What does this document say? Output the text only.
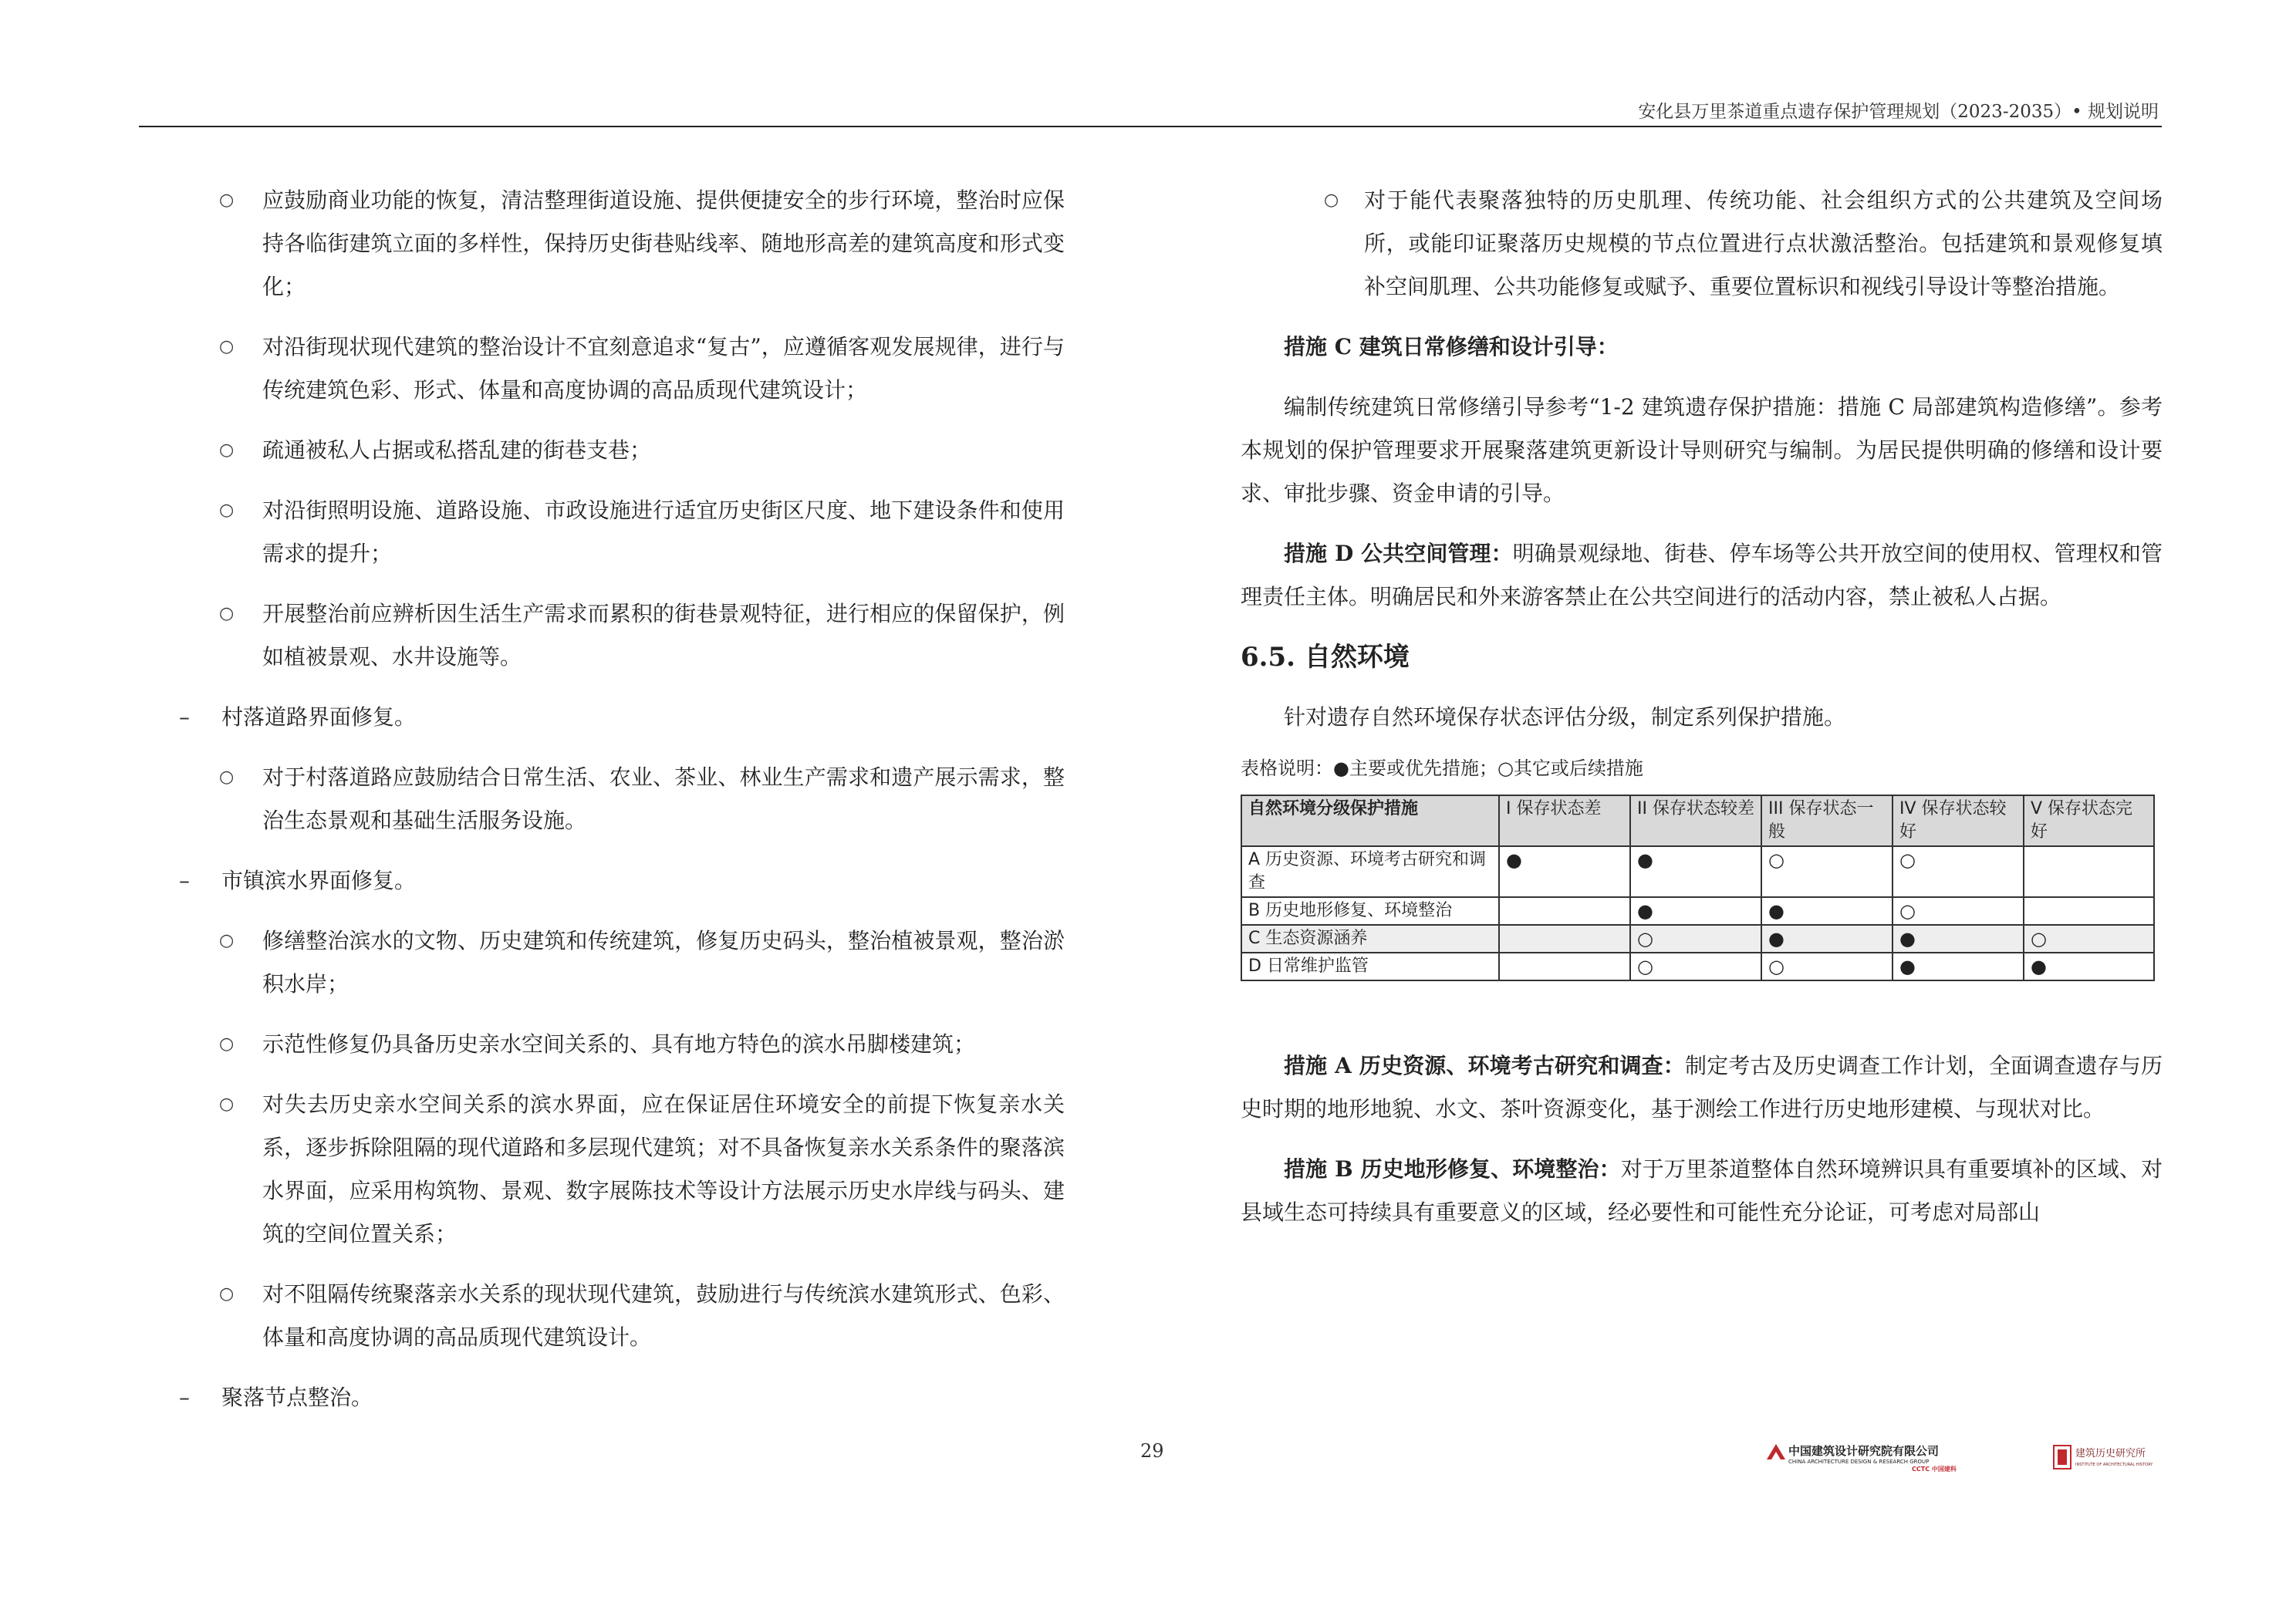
安化县万里茶道重点遗存保护管理规划（2023-2035）• 规划说明
○ 应鼓励商业功能的恢复，清洁整理街道设施、提供便捷安全的步行环境，整治时应保持各临街建筑立面的多样性，保持历史街巷贴线率、随地形高差的建筑高度和形式变化；
○ 对沿街现状现代建筑的整治设计不宜刻意追求“复古”，应遵循客观发展规律，进行与传统建筑色彩、形式、体量和高度协调的高品质现代建筑设计；
○ 疏通被私人占据或私搭乱建的街巷支巷；
○ 对沿街照明设施、道路设施、市政设施进行适宜历史街区尺度、地下建设条件和使用需求的提升；
○ 开展整治前应辨析因生活生产需求而累积的街巷景观特征，进行相应的保留保护，例如植被景观、水井设施等。
– 村落道路界面修复。
○ 对于村落道路应鼓励结合日常生活、农业、茶业、林业生产需求和遗产展示需求，整治生态景观和基础生活服务设施。
– 市镇滨水界面修复。
○ 修缮整治滨水的文物、历史建筑和传统建筑，修复历史码头，整治植被景观，整治淤积水岸；
○ 示范性修复仍具备历史亲水空间关系的、具有地方特色的滨水吊脚楼建筑；
○ 对失去历史亲水空间关系的滨水界面，应在保证居住环境安全的前提下恢复亲水关系，逐步拆除阻隔的现代道路和多层现代建筑；对不具备恢复亲水关系条件的聚落滨水界面，应采用构筑物、景观、数字展陈技术等设计方法展示历史水岸线与码头、建筑的空间位置关系；
○ 对不阻隔传统聚落亲水关系的现状现代建筑，鼓励进行与传统滨水建筑形式、色彩、体量和高度协调的高品质现代建筑设计。
– 聚落节点整治。
○ 对于能代表聚落独特的历史肌理、传统功能、社会组织方式的公共建筑及空间场所，或能印证聚落历史规模的节点位置进行点状激活整治。包括建筑和景观修复填补空间肌理、公共功能修复或赋予、重要位置标识和视线引导设计等整治措施。
措施 C 建筑日常修缮和设计引导：
编制传统建筑日常修缮引导参考“1-2 建筑遗存保护措施：措施 C 局部建筑构造修缮”。参考本规划的保护管理要求开展聚落建筑更新设计导则研究与编制。为居民提供明确的修缮和设计要求、审批步骤、资金申请的引导。
措施 D 公共空间管理：明确景观绿地、街巷、停车场等公共开放空间的使用权、管理权和管理责任主体。明确居民和外来游客禁止在公共空间进行的活动内容，禁止被私人占据。
6.5. 自然环境
针对遗存自然环境保存状态评估分级，制定系列保护措施。
表格说明：●主要或优先措施；○其它或后续措施
自然环境分级保护措施	I 保存状态差	II 保存状态较差	III 保存状态一般	IV 保存状态较好	V 保存状态完好
A 历史资源、环境考古研究和调查	●	●	○	○	
B 历史地形修复、环境整治		●	●	○	
C 生态资源涵养		○	●	●	○
D 日常维护监管		○	○	●	●
措施 A 历史资源、环境考古研究和调查：制定考古及历史调查工作计划，全面调查遗存与历史时期的地形地貌、水文、茶叶资源变化，基于测绘工作进行历史地形建模、与现状对比。
措施 B 历史地形修复、环境整治：对于万里茶道整体自然环境辨识具有重要填补的区域、对县域生态可持续具有重要意义的区域，经必要性和可能性充分论证，可考虑对局部山
29	中国建筑设计研究院有限公司
CHINA ARCHITECTURE DESIGN & RESEARCH GROUP
CCTC 中国建科
建筑历史研究所
INSTITUTE OF ARCHITECTURAL HISTORY
